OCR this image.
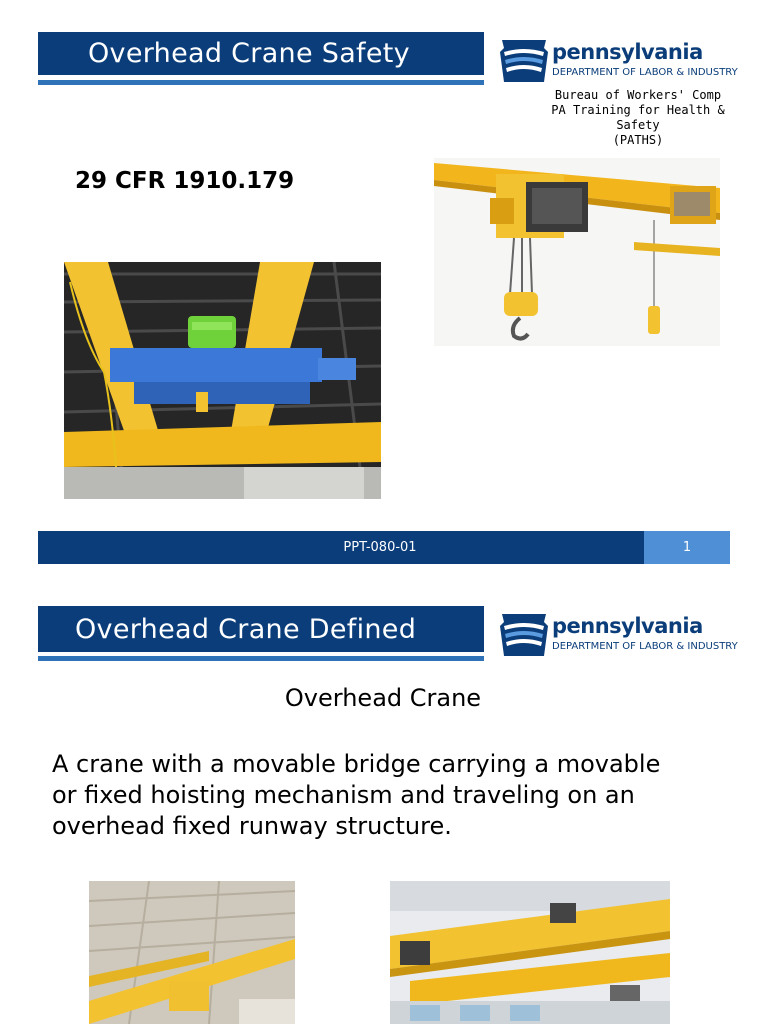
Overhead Crane Safety	pennsylvania
DEPARTMENT OF LABOR & INDUSTRY
Bureau of Workers' Comp
PA Training for Health & Safety
(PATHS)
29 CFR 1910.179
PPT-080-01	1
Overhead Crane Defined	pennsylvania
DEPARTMENT OF LABOR & INDUSTRY
Overhead Crane
A crane with a movable bridge carrying a movable
or fixed hoisting mechanism and traveling on an
overhead fixed runway structure.
